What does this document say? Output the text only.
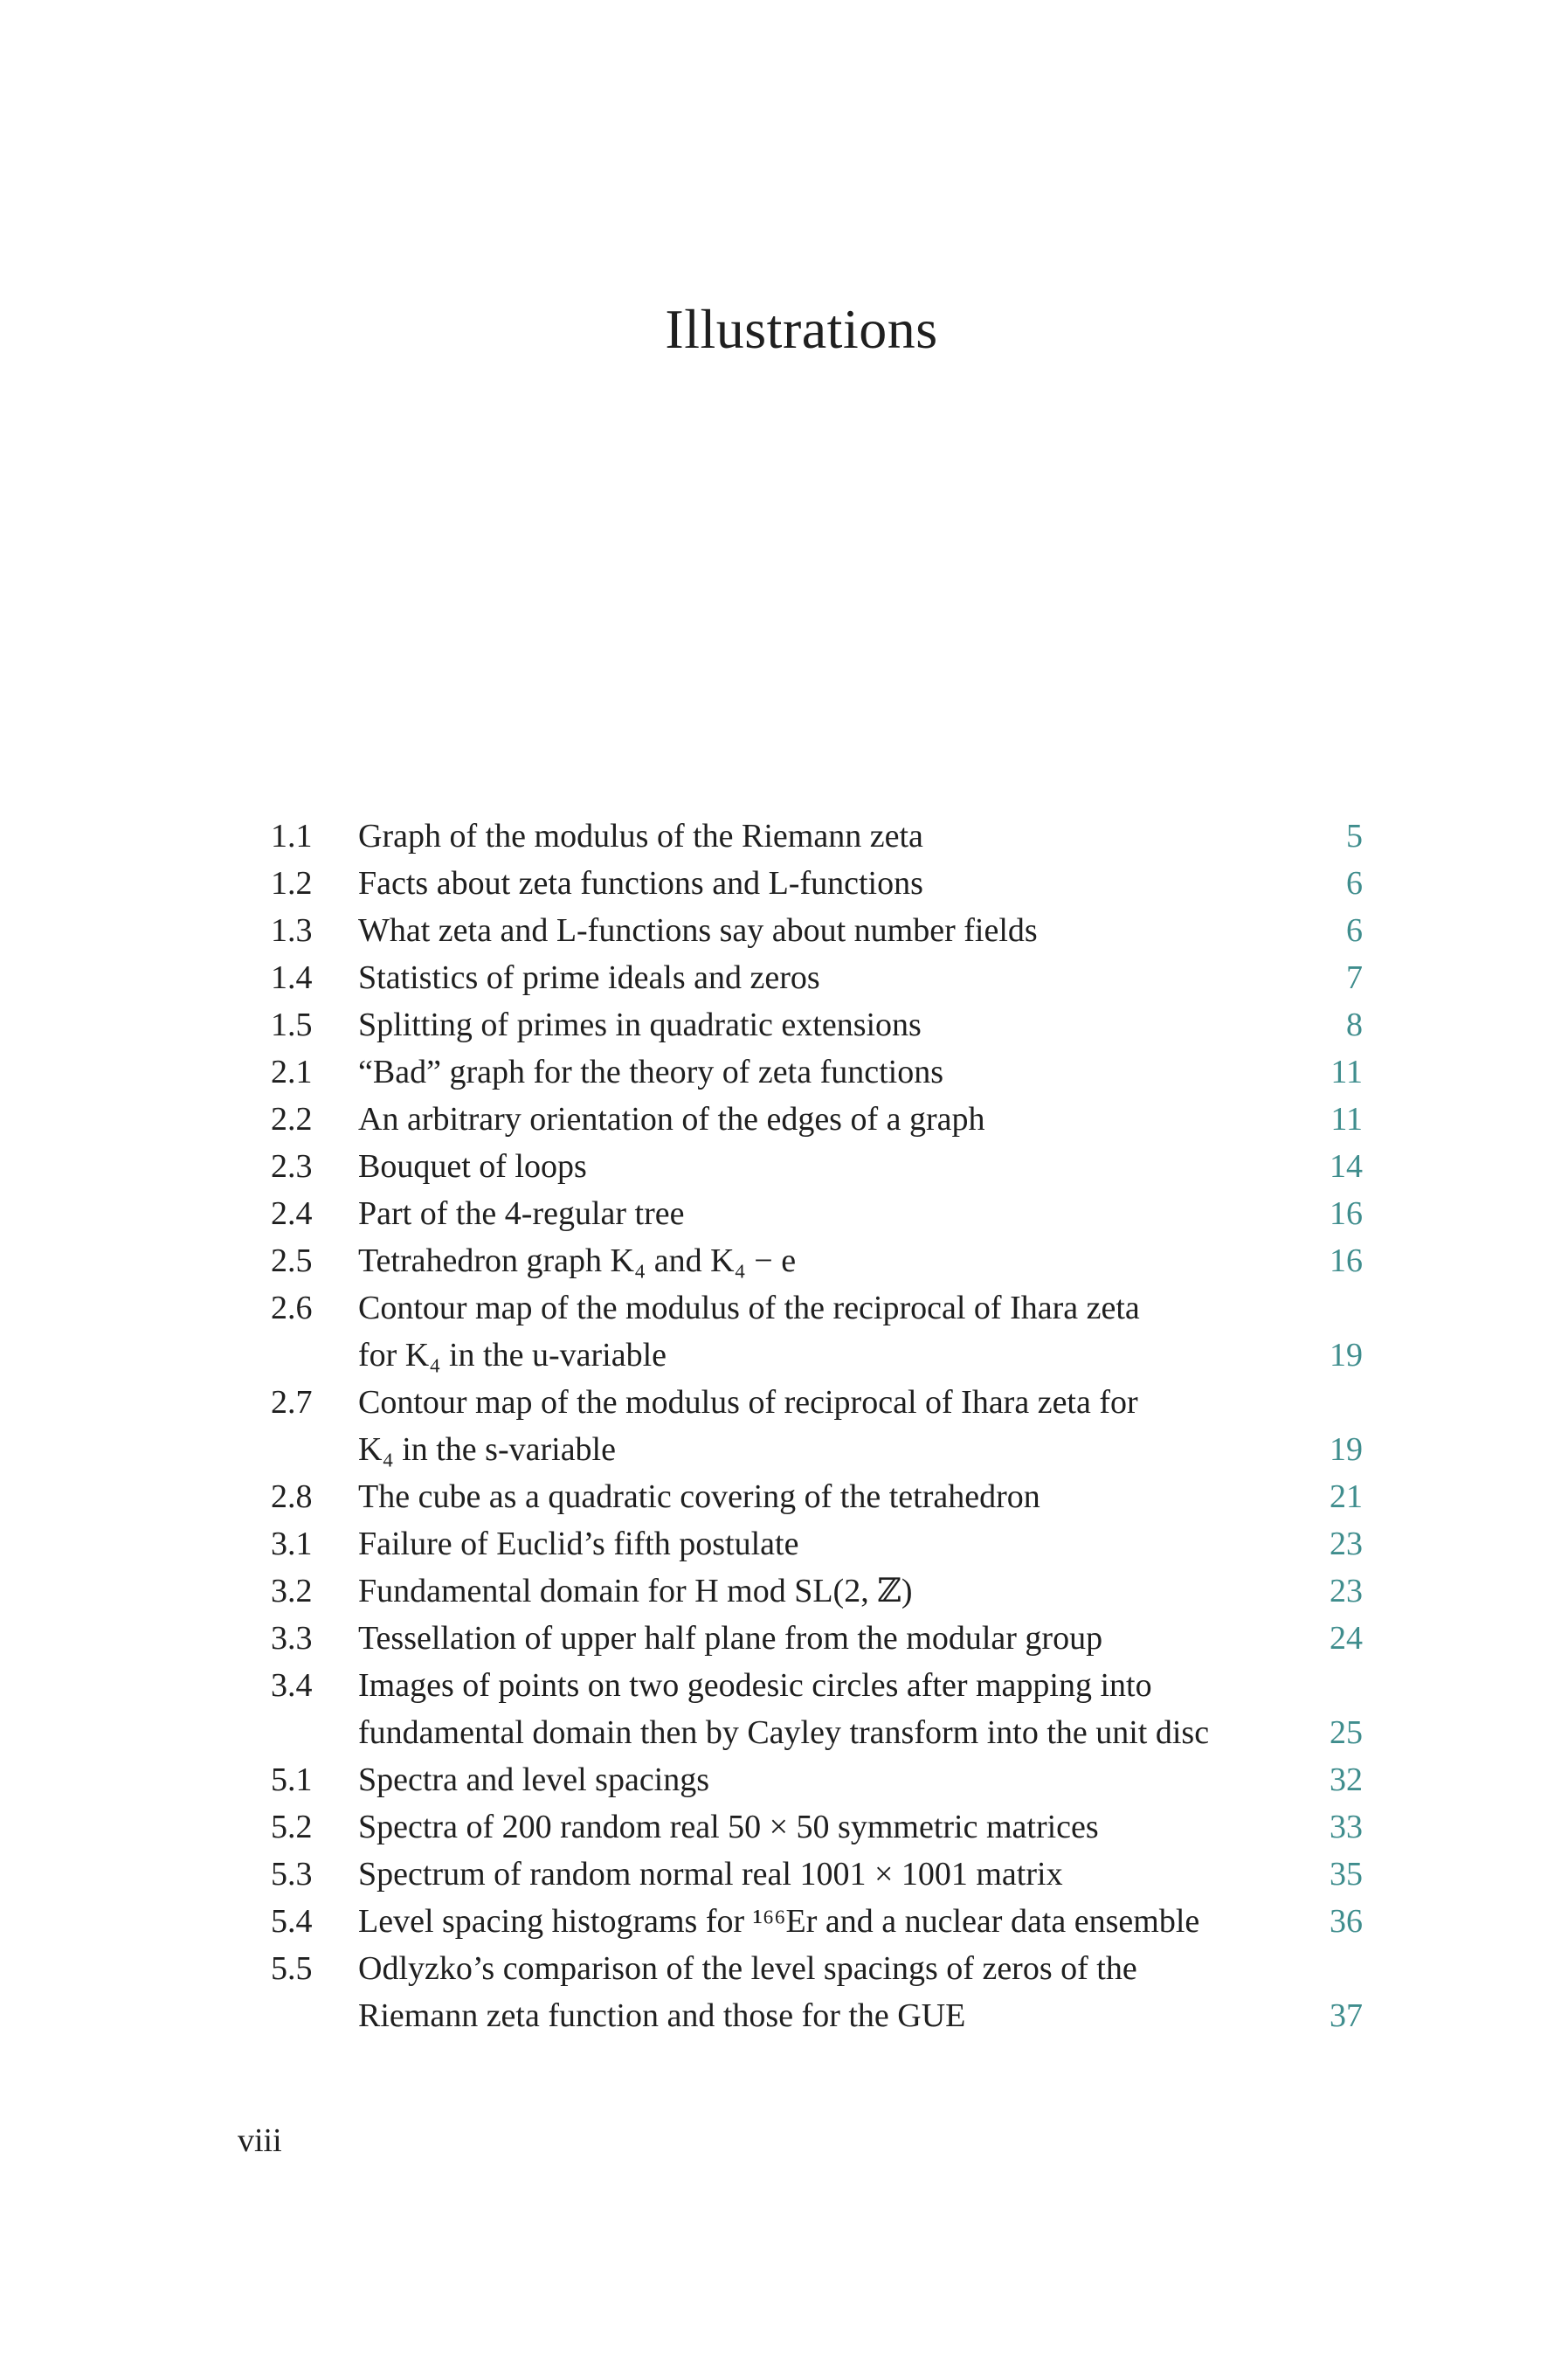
Illustrations
1.1	Graph of the modulus of the Riemann zeta	5
1.2	Facts about zeta functions and L-functions	6
1.3	What zeta and L-functions say about number fields	6
1.4	Statistics of prime ideals and zeros	7
1.5	Splitting of primes in quadratic extensions	8
2.1	“Bad” graph for the theory of zeta functions	11
2.2	An arbitrary orientation of the edges of a graph	11
2.3	Bouquet of loops	14
2.4	Part of the 4-regular tree	16
2.5	Tetrahedron graph K₄ and K₄ − e	16
2.6	Contour map of the modulus of the reciprocal of Ihara zeta
for K₄ in the u-variable	19
2.7	Contour map of the modulus of reciprocal of Ihara zeta for
K₄ in the s-variable	19
2.8	The cube as a quadratic covering of the tetrahedron	21
3.1	Failure of Euclid’s fifth postulate	23
3.2	Fundamental domain for H mod SL(2, ℤ)	23
3.3	Tessellation of upper half plane from the modular group	24
3.4	Images of points on two geodesic circles after mapping into
fundamental domain then by Cayley transform into the unit disc	25
5.1	Spectra and level spacings	32
5.2	Spectra of 200 random real 50 × 50 symmetric matrices	33
5.3	Spectrum of random normal real 1001 × 1001 matrix	35
5.4	Level spacing histograms for ¹⁶⁶Er and a nuclear data ensemble	36
5.5	Odlyzko’s comparison of the level spacings of zeros of the
Riemann zeta function and those for the GUE	37
viii
